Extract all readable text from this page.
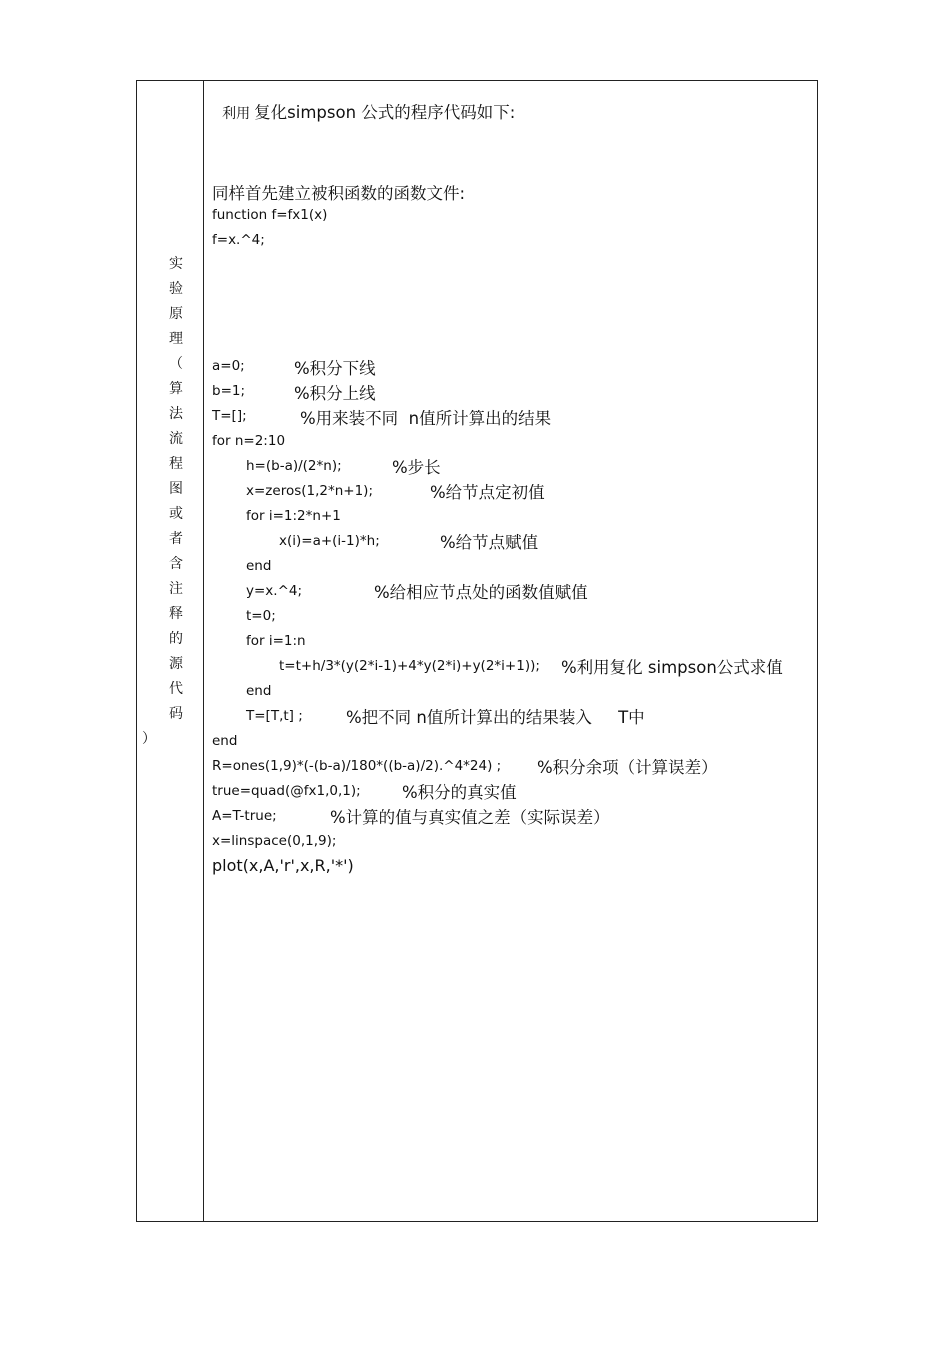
实
验
原
理
（
算
法
流
程
图
或
者
含
注
释
的
源
代
码
）

利用 复化simpson 公式的程序代码如下:

同样首先建立被积函数的函数文件:
function f=fx1(x)
f=x.^4;
a=0;	%积分下线
b=1;	%积分上线
T=[];	%用来装不同  n值所计算出的结果
for n=2:10
h=(b-a)/(2*n);	%步长
x=zeros(1,2*n+1);	%给节点定初值
for i=1:2*n+1
x(i)=a+(i-1)*h;	%给节点赋值
end
y=x.^4;	%给相应节点处的函数值赋值
t=0;
for i=1:n
t=t+h/3*(y(2*i-1)+4*y(2*i)+y(2*i+1)); %利用复化 simpson公式求值
end
T=[T,t] ;	%把不同 n值所计算出的结果装入     T中
end
R=ones(1,9)*(-(b-a)/180*((b-a)/2).^4*24) ; %积分余项（计算误差）
true=quad(@fx1,0,1);	%积分的真实值
A=T-true;	%计算的值与真实值之差（实际误差）
x=linspace(0,1,9);
plot(x,A,'r',x,R,'*')
